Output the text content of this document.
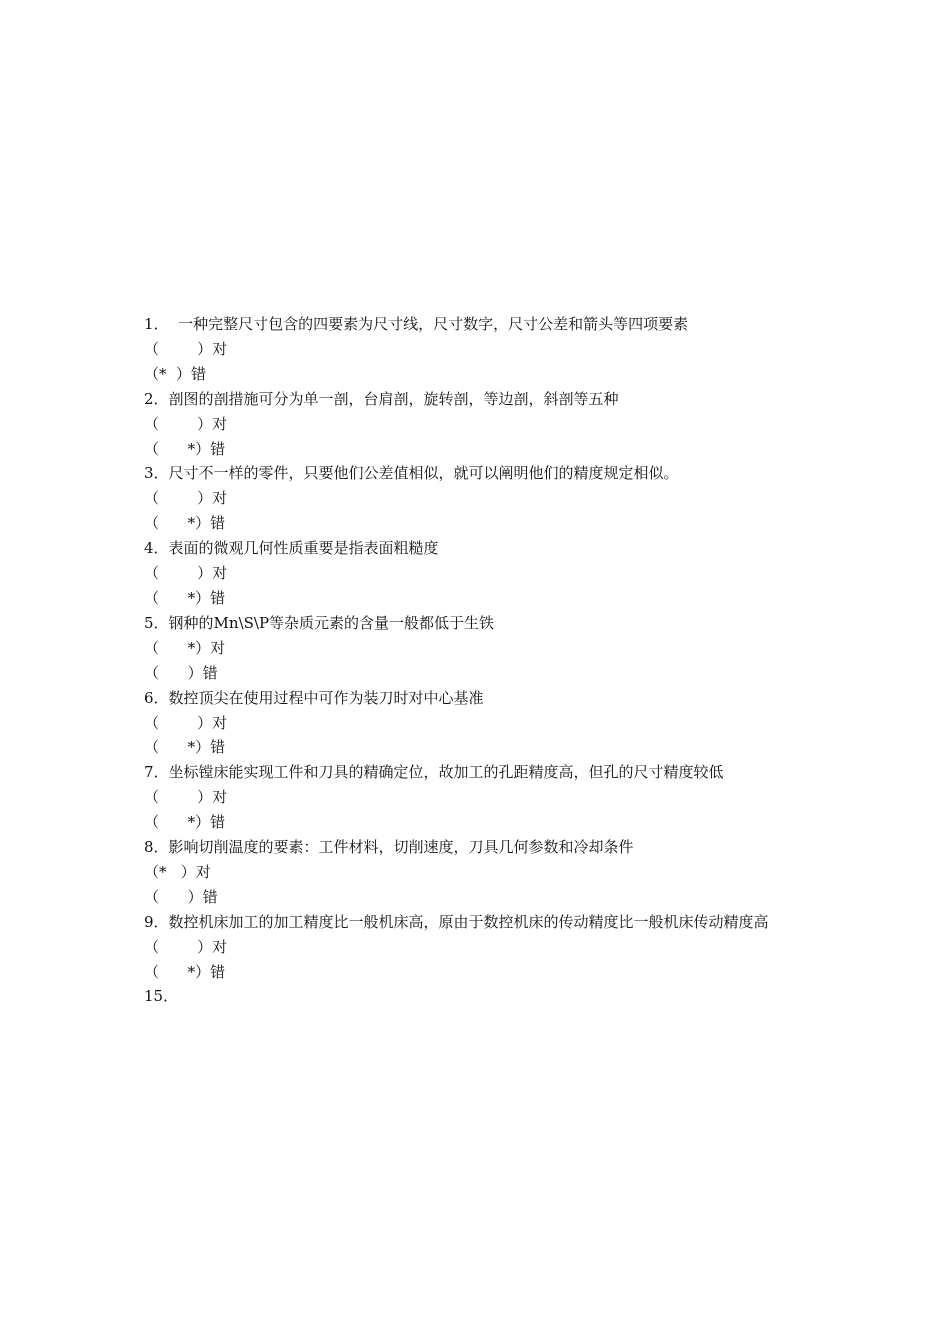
1．  一种完整尺寸包含的四要素为尺寸线，尺寸数字，尺寸公差和箭头等四项要素
（        ）对
（*  ）错
2．剖图的剖措施可分为单一剖，台肩剖，旋转剖，等边剖，斜剖等五种
（        ）对
（      *）错
3．尺寸不一样的零件，只要他们公差值相似，就可以阐明他们的精度规定相似。
（        ）对
（      *）错
4．表面的微观几何性质重要是指表面粗糙度
（        ）对
（      *）错
5．钢种的Mn\S\P等杂质元素的含量一般都低于生铁
（      *）对
（      ）错
6．数控顶尖在使用过程中可作为装刀时对中心基准
（        ）对
（      *）错
7．坐标镗床能实现工件和刀具的精确定位，故加工的孔距精度高，但孔的尺寸精度较低
（        ）对
（      *）错
8．影响切削温度的要素：工件材料，切削速度，刀具几何参数和冷却条件
（*   ）对
（      ）错
9．数控机床加工的加工精度比一般机床高，原由于数控机床的传动精度比一般机床传动精度高
（        ）对
（      *）错
15．
